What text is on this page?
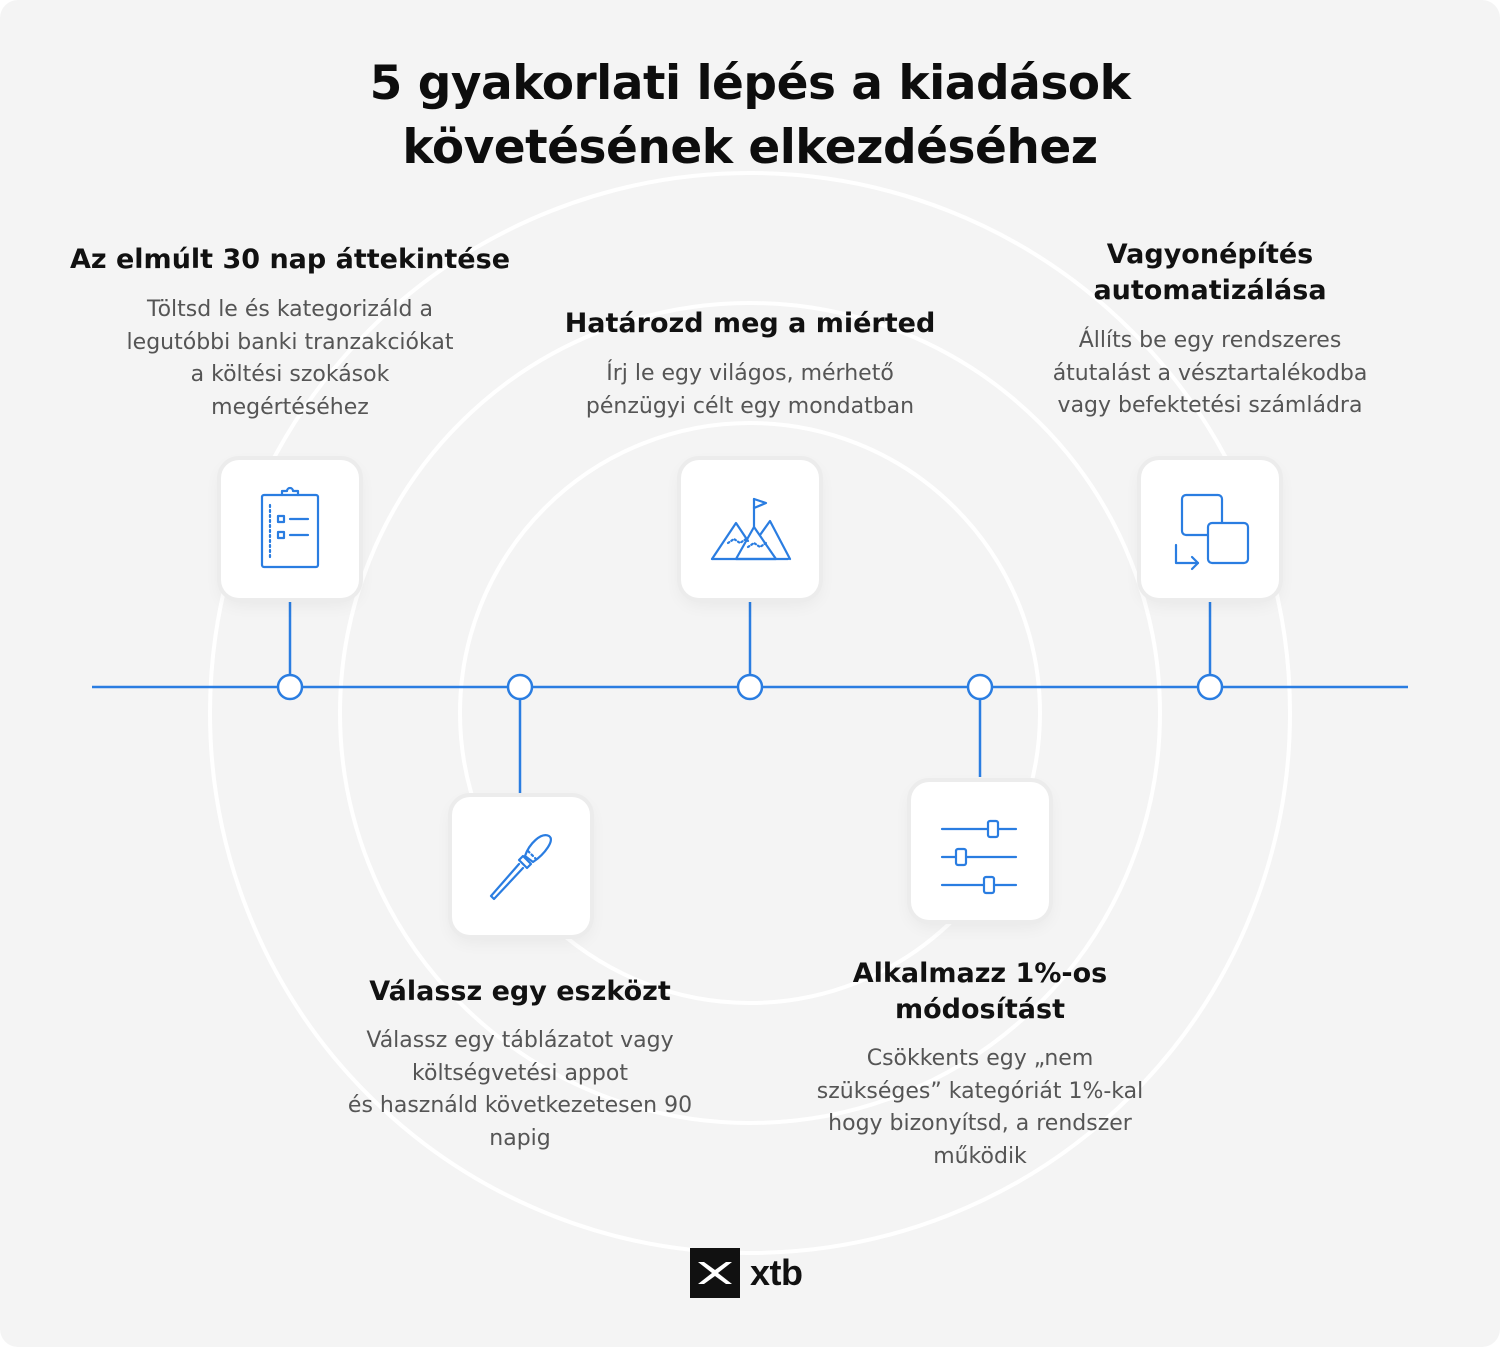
5 gyakorlati lépés a kiadások
követésének elkezdéséhez
Az elmúlt 30 nap áttekintése
Töltsd le és kategorizáld a
legutóbbi banki tranzakciókat
a költési szokások
megértéséhez
Válassz egy eszközt
Válassz egy táblázatot vagy
költségvetési appot
és használd következetesen 90
napig
Határozd meg a miérted
Írj le egy világos, mérhető
pénzügyi célt egy mondatban
Alkalmazz 1%-os
módosítást
Csökkents egy „nem
szükséges” kategóriát 1%-kal
hogy bizonyítsd, a rendszer
működik
Vagyonépítés
automatizálása
Állíts be egy rendszeres
átutalást a vésztartalékodba
vagy befektetési számládra
xtb
